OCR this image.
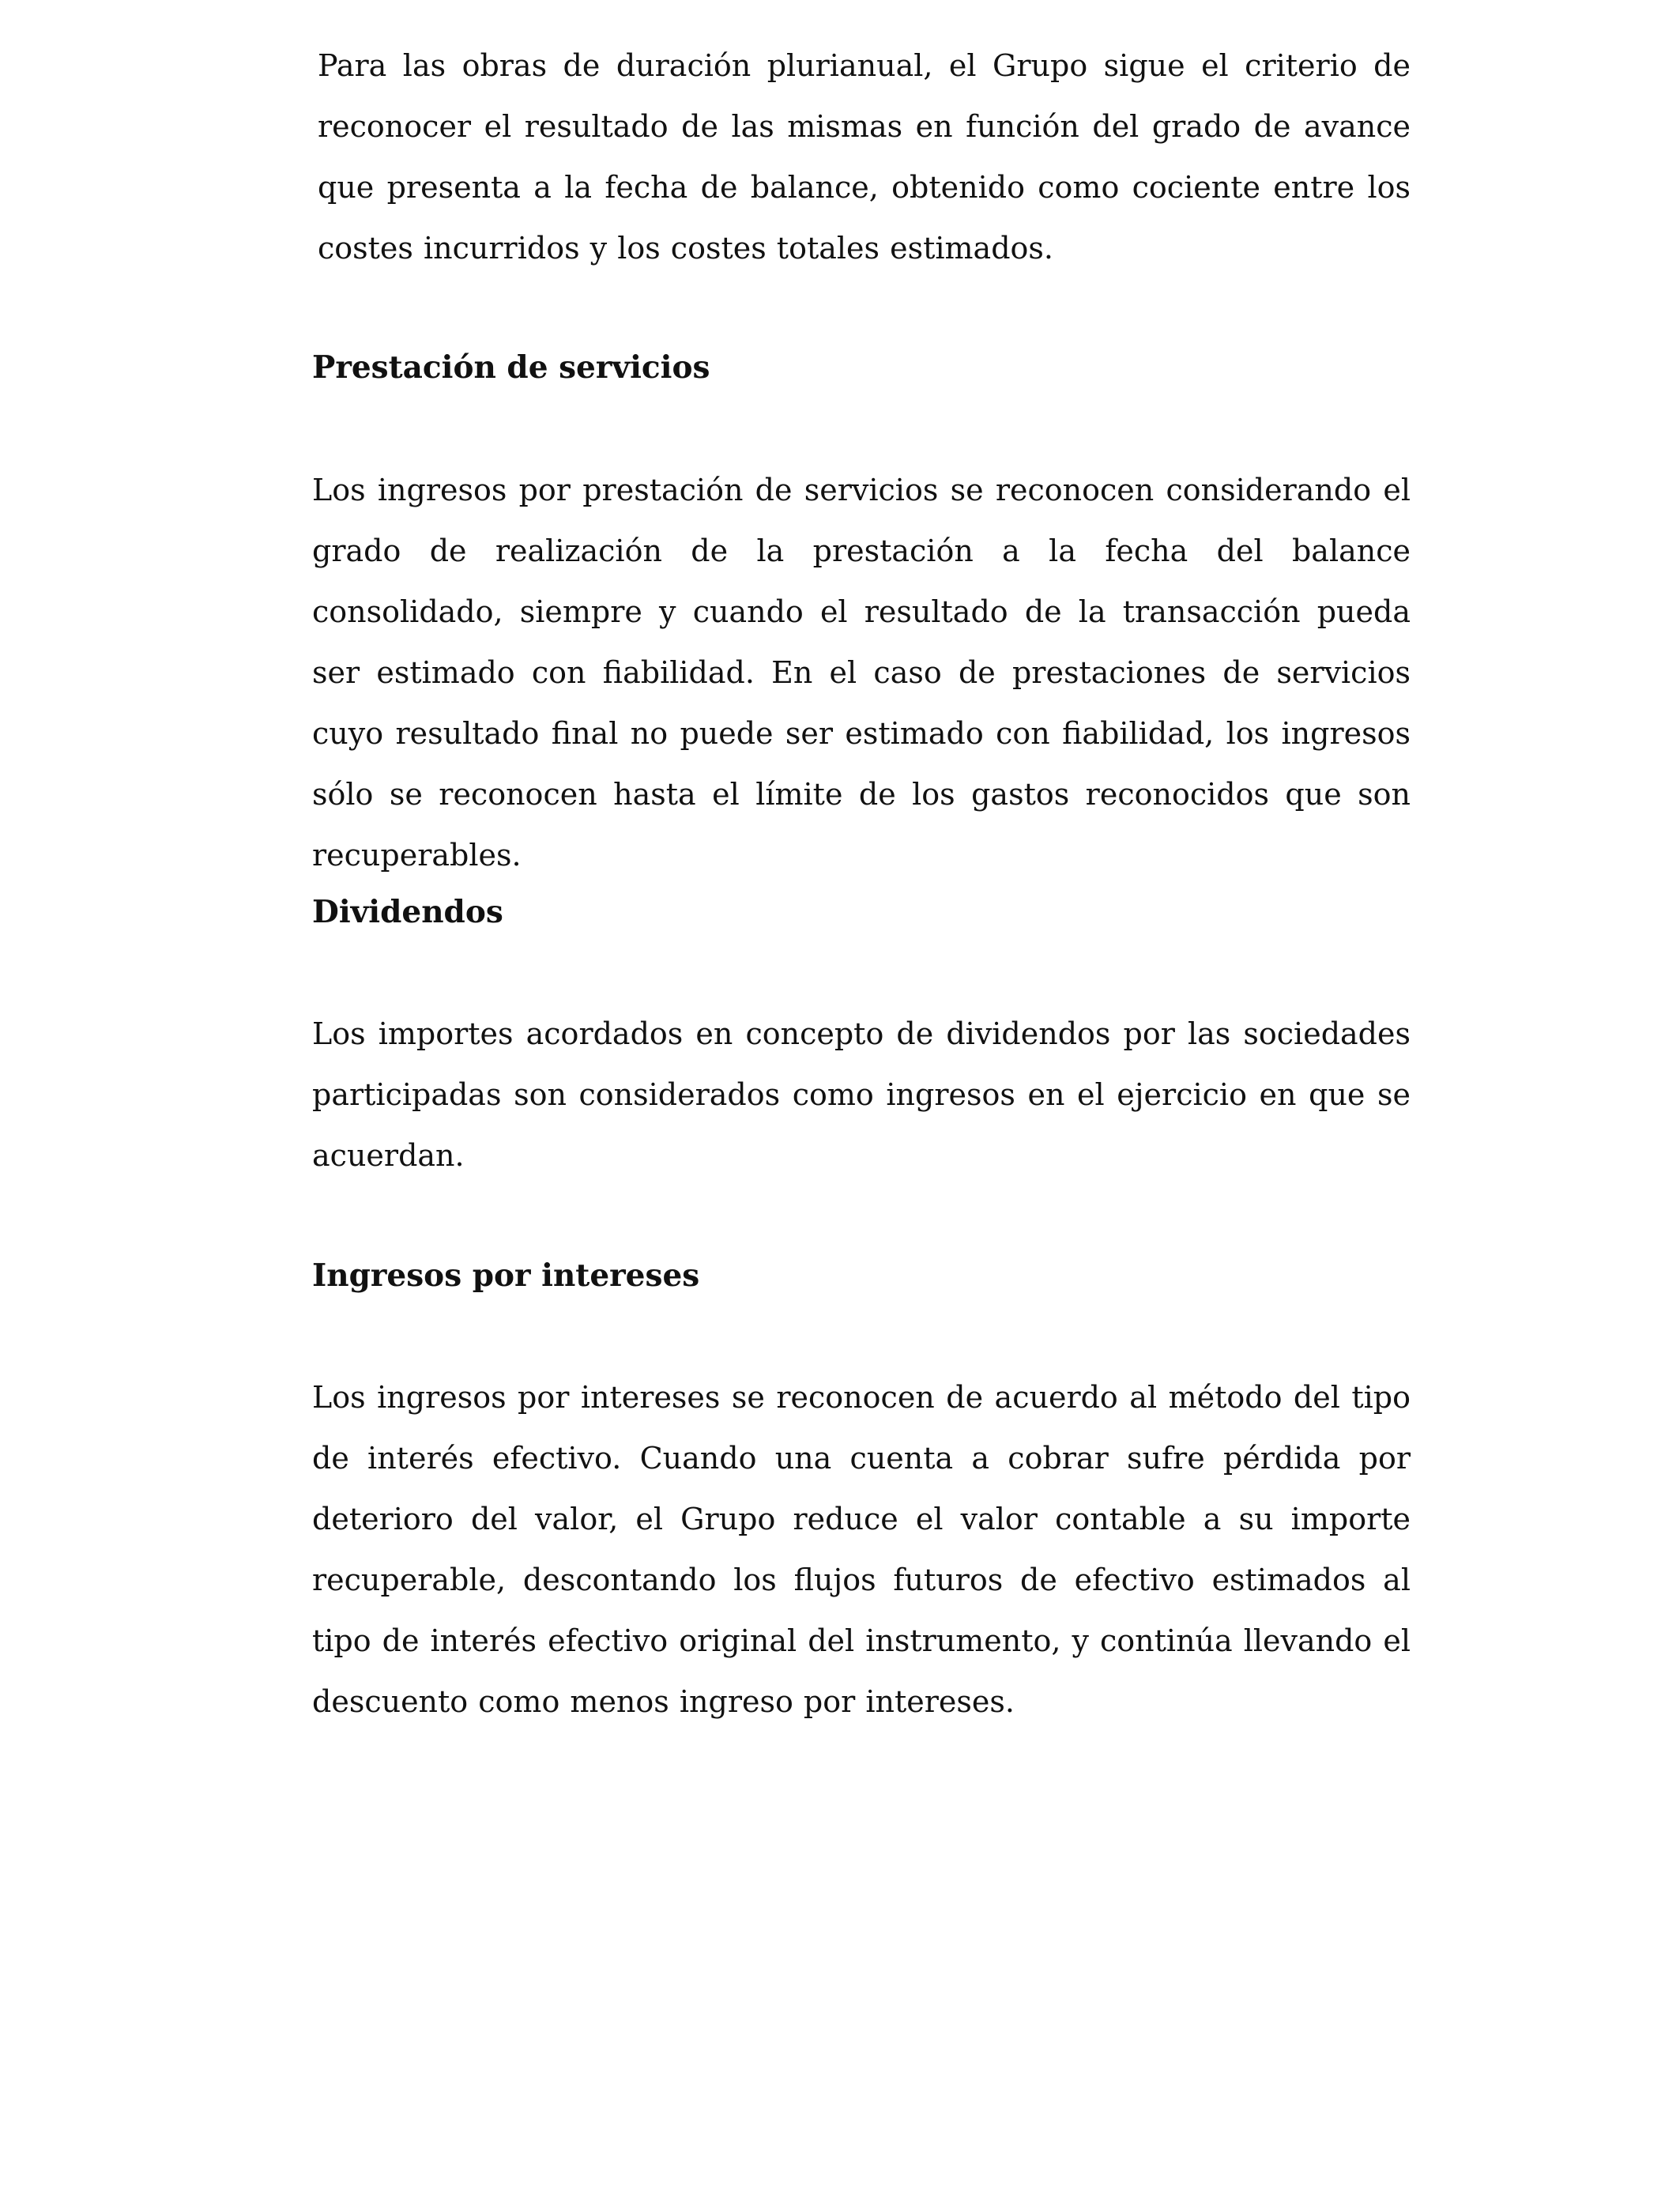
Para las obras de duración plurianual, el Grupo sigue el criterio de reconocer el resultado de las mismas en función del grado de avance que presenta a la fecha de balance, obtenido como cociente entre los costes incurridos y los costes totales estimados.

Prestación de servicios

Los ingresos por prestación de servicios se reconocen considerando el grado de realización de la prestación a la fecha del balance consolidado, siempre y cuando el resultado de la transacción pueda ser estimado con fiabilidad. En el caso de prestaciones de servicios cuyo resultado final no puede ser estimado con fiabilidad, los ingresos sólo se reconocen hasta el límite de los gastos reconocidos que son recuperables.

Dividendos

Los importes acordados en concepto de dividendos por las sociedades participadas son considerados como ingresos en el ejercicio en que se acuerdan.

Ingresos por intereses

Los ingresos por intereses se reconocen de acuerdo al método del tipo de interés efectivo. Cuando una cuenta a cobrar sufre pérdida por deterioro del valor, el Grupo reduce el valor contable a su importe recuperable, descontando los flujos futuros de efectivo estimados al tipo de interés efectivo original del instrumento, y continúa llevando el descuento como menos ingreso por intereses.
